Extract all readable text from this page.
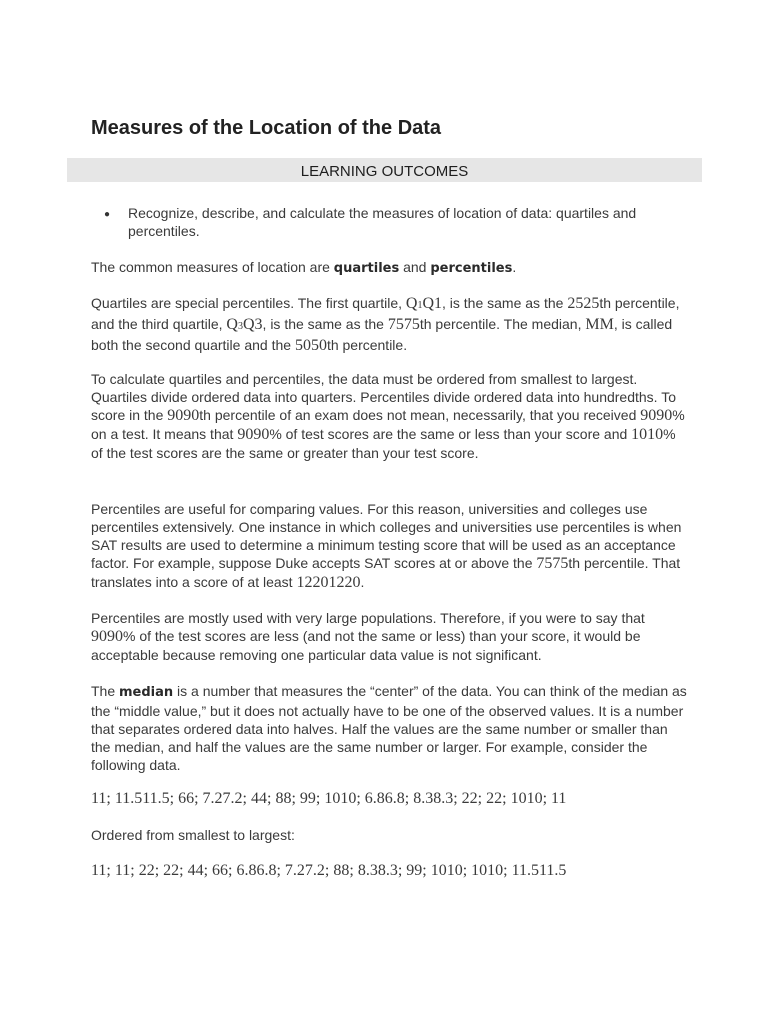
Measures of the Location of the Data
LEARNING OUTCOMES
● Recognize, describe, and calculate the measures of location of data: quartiles and percentiles.
The common measures of location are quartiles and percentiles.
Quartiles are special percentiles. The first quartile, Q1Q1, is the same as the 2525th percentile, and the third quartile, Q3Q3, is the same as the 7575th percentile. The median, MM, is called both the second quartile and the 5050th percentile.
To calculate quartiles and percentiles, the data must be ordered from smallest to largest. Quartiles divide ordered data into quarters. Percentiles divide ordered data into hundredths. To score in the 9090th percentile of an exam does not mean, necessarily, that you received 9090% on a test. It means that 9090% of test scores are the same or less than your score and 1010% of the test scores are the same or greater than your test score.
Percentiles are useful for comparing values. For this reason, universities and colleges use percentiles extensively. One instance in which colleges and universities use percentiles is when SAT results are used to determine a minimum testing score that will be used as an acceptance factor. For example, suppose Duke accepts SAT scores at or above the 7575th percentile. That translates into a score of at least 12201220.
Percentiles are mostly used with very large populations. Therefore, if you were to say that 9090% of the test scores are less (and not the same or less) than your score, it would be acceptable because removing one particular data value is not significant.
The median is a number that measures the “center” of the data. You can think of the median as the “middle value,” but it does not actually have to be one of the observed values. It is a number that separates ordered data into halves. Half the values are the same number or smaller than the median, and half the values are the same number or larger. For example, consider the following data.
11; 11.511.5; 66; 7.27.2; 44; 88; 99; 1010; 6.86.8; 8.38.3; 22; 22; 1010; 11
Ordered from smallest to largest:
11; 11; 22; 22; 44; 66; 6.86.8; 7.27.2; 88; 8.38.3; 99; 1010; 1010; 11.511.5
